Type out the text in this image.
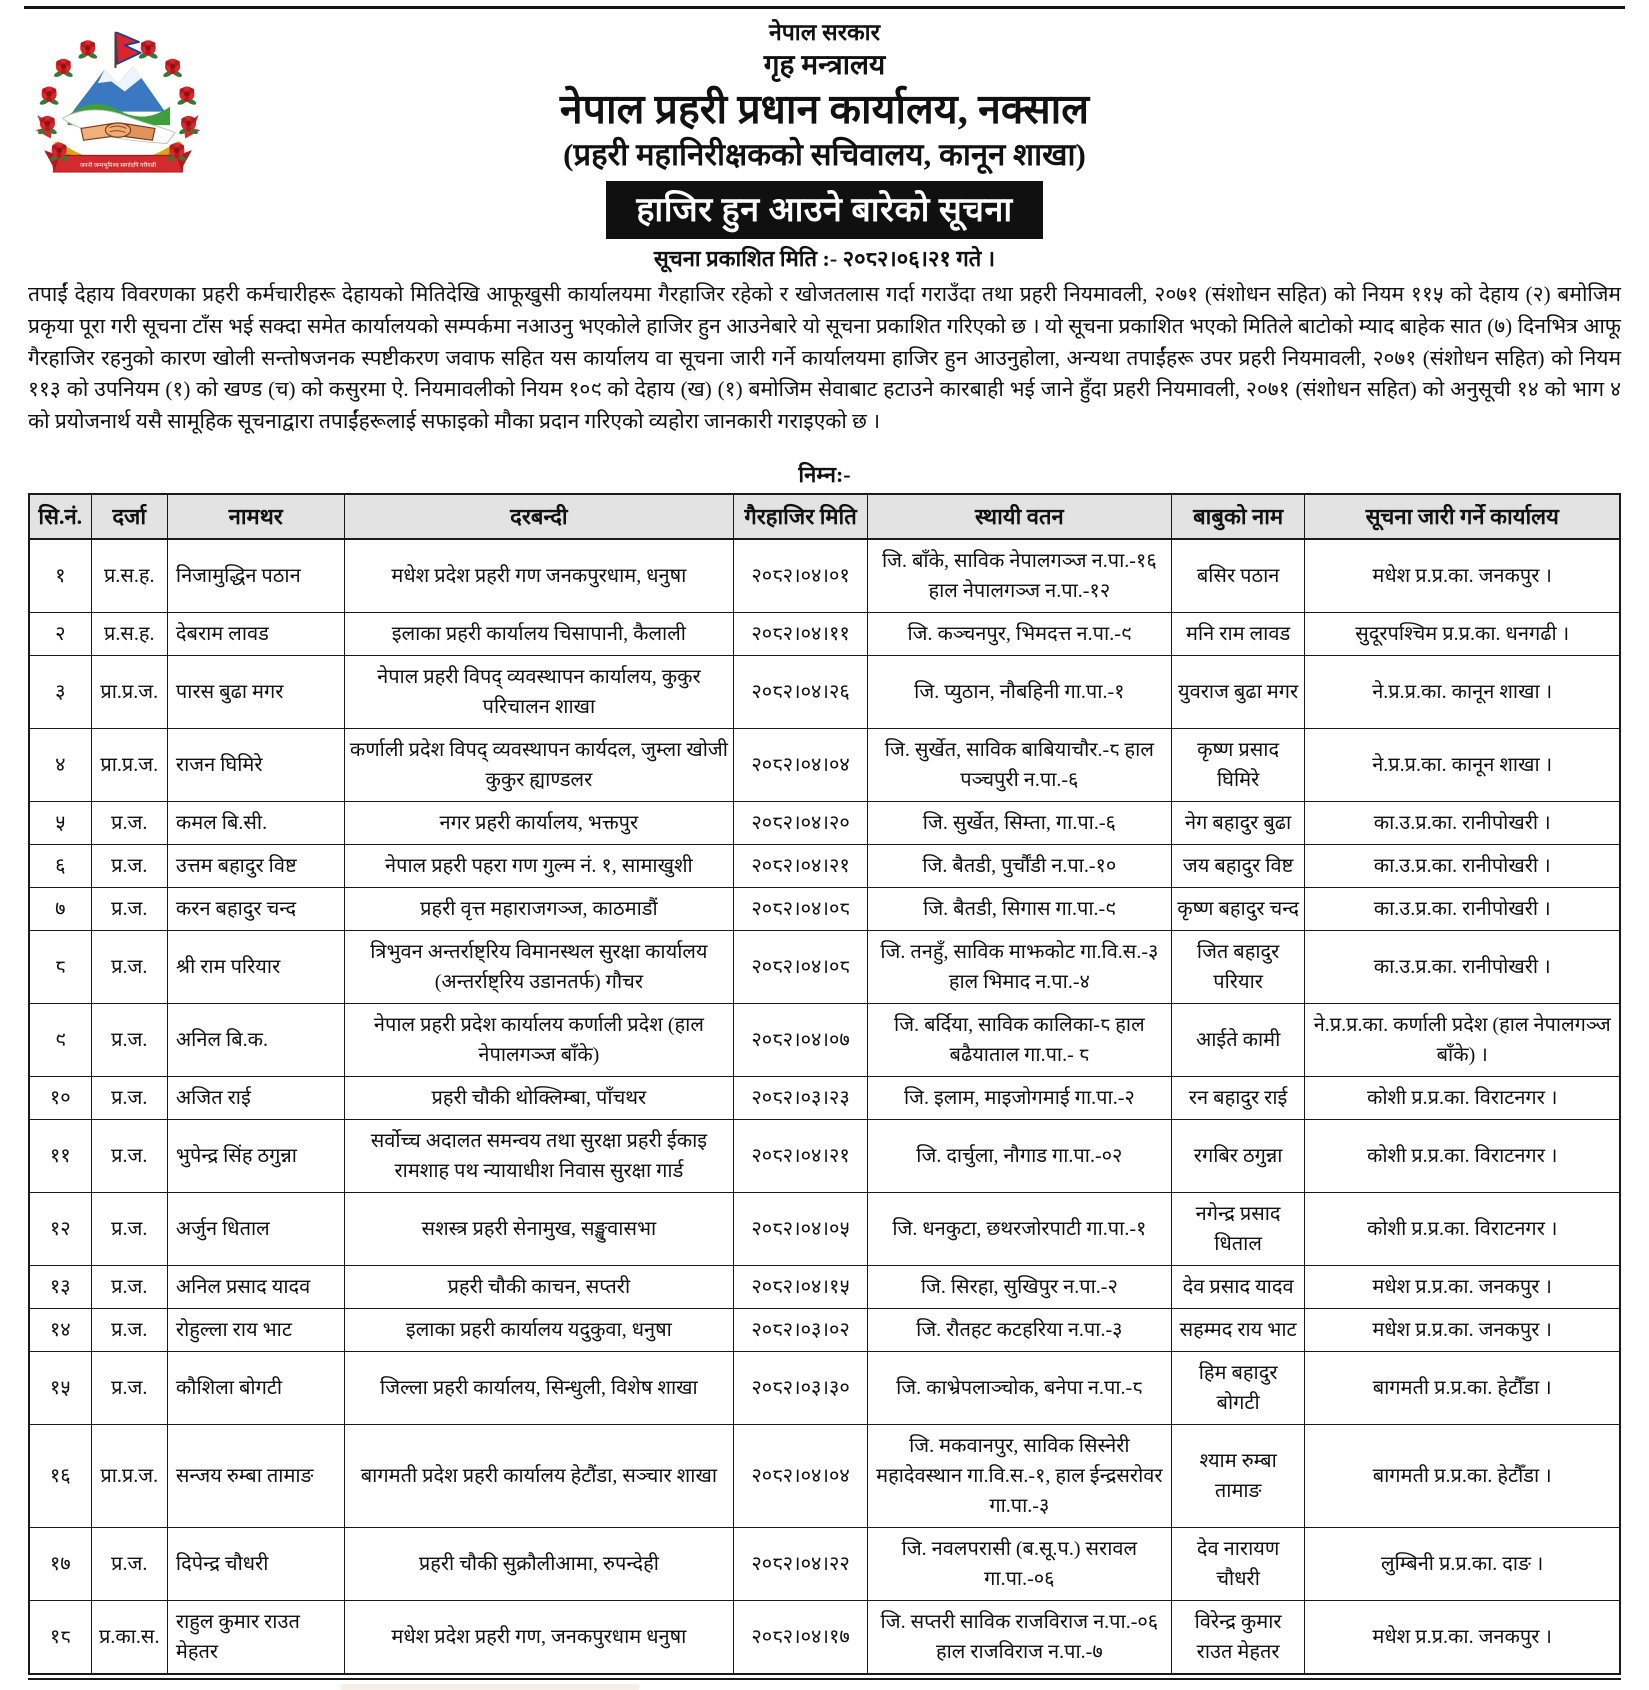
जननी जन्मभूमिश्च स्वर्गादपि गरीयसी
नेपाल सरकार
गृह मन्त्रालय
नेपाल प्रहरी प्रधान कार्यालय, नक्साल
(प्रहरी महानिरीक्षकको सचिवालय, कानून शाखा)
हाजिर हुन आउने बारेको सूचना
सूचना प्रकाशित मिति :- २०८२।०६।२१ गते ।

तपाईं देहाय विवरणका प्रहरी कर्मचारीहरू देहायको मितिदेखि आफूखुसी कार्यालयमा गैरहाजिर रहेको र खोजतलास गर्दा गराउँदा तथा प्रहरी नियमावली, २०७१ (संशोधन सहित) को नियम ११५ को देहाय (२) बमोजिम प्रकृया पूरा गरी सूचना टाँस भई सक्दा समेत कार्यालयको सम्पर्कमा नआउनु भएकोले हाजिर हुन आउनेबारे यो सूचना प्रकाशित गरिएको छ । यो सूचना प्रकाशित भएको मितिले बाटोको म्याद बाहेक सात (७) दिनभित्र आफू गैरहाजिर रहनुको कारण खोली सन्तोषजनक स्पष्टीकरण जवाफ सहित यस कार्यालय वा सूचना जारी गर्ने कार्यालयमा हाजिर हुन आउनुहोला, अन्यथा तपाईंहरू उपर प्रहरी नियमावली, २०७१ (संशोधन सहित) को नियम ११३ को उपनियम (१) को खण्ड (च) को कसुरमा ऐ. नियमावलीको नियम १०९ को देहाय (ख) (१) बमोजिम सेवाबाट हटाउने कारबाही भई जाने हुँदा प्रहरी नियमावली, २०७१ (संशोधन सहित) को अनुसूची १४ को भाग ४ को प्रयोजनार्थ यसै सामूहिक सूचनाद्वारा तपाईंहरूलाई सफाइको मौका प्रदान गरिएको व्यहोरा जानकारी गराइएको छ ।

निम्न:-
सि.नं.	दर्जा	नामथर	दरबन्दी	गैरहाजिर मिति	स्थायी वतन	बाबुको नाम	सूचना जारी गर्ने कार्यालय
१	प्र.स.ह.	निजामुद्धिन पठान	मधेश प्रदेश प्रहरी गण जनकपुरधाम, धनुषा	२०८२।०४।०१	जि. बाँके, साविक नेपालगञ्ज न.पा.-१६ हाल नेपालगञ्ज न.पा.-१२	बसिर पठान	मधेश प्र.प्र.का. जनकपुर ।
२	प्र.स.ह.	देबराम लावड	इलाका प्रहरी कार्यालय चिसापानी, कैलाली	२०८२।०४।११	जि. कञ्चनपुर, भिमदत्त न.पा.-९	मनि राम लावड	सुदूरपश्चिम प्र.प्र.का. धनगढी ।
३	प्रा.प्र.ज.	पारस बुढा मगर	नेपाल प्रहरी विपद् व्यवस्थापन कार्यालय, कुकुर परिचालन शाखा	२०८२।०४।२६	जि. प्युठान, नौबहिनी गा.पा.-१	युवराज बुढा मगर	ने.प्र.प्र.का. कानून शाखा ।
४	प्रा.प्र.ज.	राजन घिमिरे	कर्णाली प्रदेश विपद् व्यवस्थापन कार्यदल, जुम्ला खोजी कुकुर ह्याण्डलर	२०८२।०४।०४	जि. सुर्खेत, साविक बाबियाचौर.-८ हाल पञ्चपुरी न.पा.-६	कृष्ण प्रसाद घिमिरे	ने.प्र.प्र.का. कानून शाखा ।
५	प्र.ज.	कमल बि.सी.	नगर प्रहरी कार्यालय, भक्तपुर	२०८२।०४।२०	जि. सुर्खेत, सिम्ता, गा.पा.-६	नेग बहादुर बुढा	का.उ.प्र.का. रानीपोखरी ।
६	प्र.ज.	उत्तम बहादुर विष्ट	नेपाल प्रहरी पहरा गण गुल्म नं. १, सामाखुशी	२०८२।०४।२१	जि. बैतडी, पुर्चौंडी न.पा.-१०	जय बहादुर विष्ट	का.उ.प्र.का. रानीपोखरी ।
७	प्र.ज.	करन बहादुर चन्द	प्रहरी वृत्त महाराजगञ्ज, काठमाडौं	२०८२।०४।०८	जि. बैतडी, सिगास गा.पा.-९	कृष्ण बहादुर चन्द	का.उ.प्र.का. रानीपोखरी ।
८	प्र.ज.	श्री राम परियार	त्रिभुवन अन्तर्राष्ट्रिय विमानस्थल सुरक्षा कार्यालय (अन्तर्राष्ट्रिय उडानतर्फ) गौचर	२०८२।०४।०८	जि. तनहुँ, साविक माझकोट गा.वि.स.-३ हाल भिमाद न.पा.-४	जित बहादुर परियार	का.उ.प्र.का. रानीपोखरी ।
९	प्र.ज.	अनिल बि.क.	नेपाल प्रहरी प्रदेश कार्यालय कर्णाली प्रदेश (हाल नेपालगञ्ज बाँके)	२०८२।०४।०७	जि. बर्दिया, साविक कालिका-८ हाल बढैयाताल गा.पा.- ८	आईते कामी	ने.प्र.प्र.का. कर्णाली प्रदेश (हाल नेपालगञ्ज बाँके) ।
१०	प्र.ज.	अजित राई	प्रहरी चौकी थोक्लिम्बा, पाँचथर	२०८२।०३।२३	जि. इलाम, माइजोगमाई गा.पा.-२	रन बहादुर राई	कोशी प्र.प्र.का. विराटनगर ।
११	प्र.ज.	भुपेन्द्र सिंह ठगुन्ना	सर्वोच्च अदालत समन्वय तथा सुरक्षा प्रहरी ईकाइ रामशाह पथ न्यायाधीश निवास सुरक्षा गार्ड	२०८२।०४।२१	जि. दार्चुला, नौगाड गा.पा.-०२	रगबिर ठगुन्ना	कोशी प्र.प्र.का. विराटनगर ।
१२	प्र.ज.	अर्जुन धिताल	सशस्त्र प्रहरी सेनामुख, सङ्खुवासभा	२०८२।०४।०५	जि. धनकुटा, छथरजोरपाटी गा.पा.-१	नगेन्द्र प्रसाद धिताल	कोशी प्र.प्र.का. विराटनगर ।
१३	प्र.ज.	अनिल प्रसाद यादव	प्रहरी चौकी काचन, सप्तरी	२०८२।०४।१५	जि. सिरहा, सुखिपुर न.पा.-२	देव प्रसाद यादव	मधेश प्र.प्र.का. जनकपुर ।
१४	प्र.ज.	रोहुल्ला राय भाट	इलाका प्रहरी कार्यालय यदुकुवा, धनुषा	२०८२।०३।०२	जि. रौतहट कटहरिया न.पा.-३	सहम्मद राय भाट	मधेश प्र.प्र.का. जनकपुर ।
१५	प्र.ज.	कौशिला बोगटी	जिल्ला प्रहरी कार्यालय, सिन्धुली, विशेष शाखा	२०८२।०३।३०	जि. काभ्रेपलाञ्चोक, बनेपा न.पा.-८	हिम बहादुर बोगटी	बागमती प्र.प्र.का. हेटौँडा ।
१६	प्रा.प्र.ज.	सन्जय रुम्बा तामाङ	बागमती प्रदेश प्रहरी कार्यालय हेटौंडा, सञ्चार शाखा	२०८२।०४।०४	जि. मकवानपुर, साविक सिस्नेरी महादेवस्थान गा.वि.स.-१, हाल ईन्द्रसरोवर गा.पा.-३	श्याम रुम्बा तामाङ	बागमती प्र.प्र.का. हेटौँडा ।
१७	प्र.ज.	दिपेन्द्र चौधरी	प्रहरी चौकी सुक्रौलीआमा, रुपन्देही	२०८२।०४।२२	जि. नवलपरासी (ब.सू.प.) सरावल गा.पा.-०६	देव नारायण चौधरी	लुम्बिनी प्र.प्र.का. दाङ ।
१८	प्र.का.स.	राहुल कुमार राउत मेहतर	मधेश प्रदेश प्रहरी गण, जनकपुरधाम धनुषा	२०८२।०४।१७	जि. सप्तरी साविक राजविराज न.पा.-०६ हाल राजविराज न.पा.-७	विरेन्द्र कुमार राउत मेहतर	मधेश प्र.प्र.का. जनकपुर ।
